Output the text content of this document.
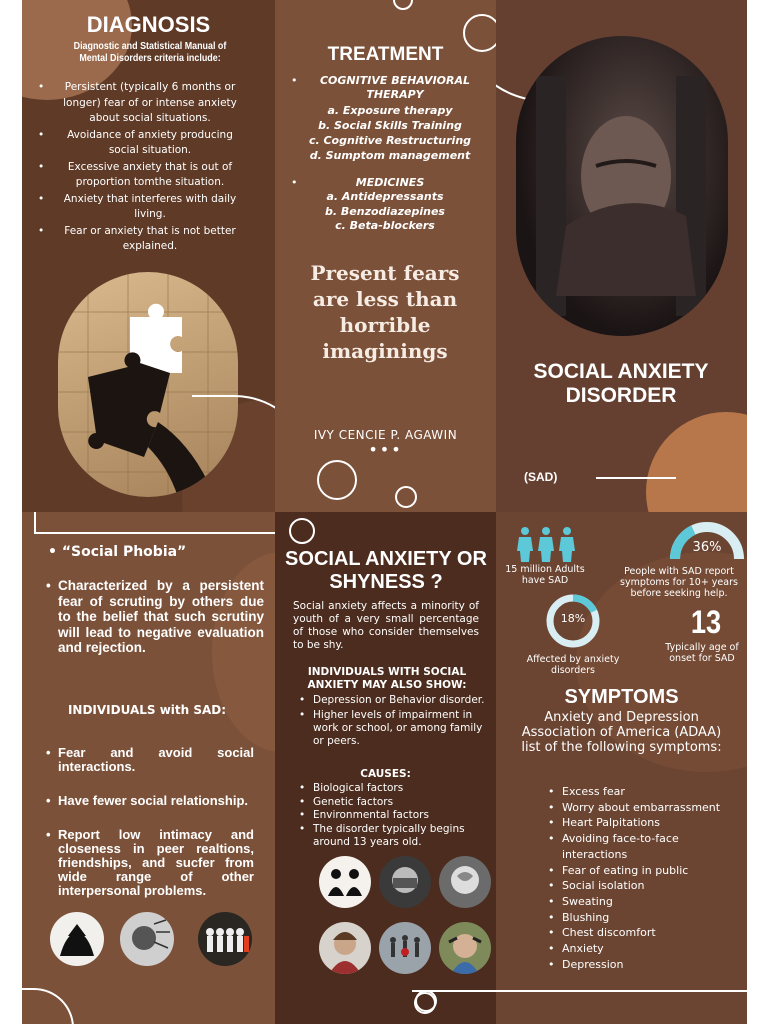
DIAGNOSIS
Diagnostic and Statistical Manual of Mental Disorders criteria include:
• Persistent (typically 6 months or longer) fear of or intense anxiety about social situations.
• Avoidance of anxiety producing social situation.
• Excessive anxiety that is out of proportion tomthe situation.
• Anxiety that interferes with daily living.
• Fear or anxiety that is not better explained.
TREATMENT
COGNITIVE BEHAVIORAL THERAPY
•
a. Exposure therapy
b. Social Skills Training
c. Cognitive Restructuring
d. Sumptom management
•	MEDICINES
a. Antidepressants
b. Benzodiazepines
c. Beta-blockers
Present fears are less than horrible imaginings
IVY CENCIE P. AGAWIN
•••
SOCIAL ANXIETY DISORDER
(SAD)
• “Social Phobia”
• Characterized by a persistent fear of scruting by others due to the belief that such scrutiny will lead to negative evaluation and rejection.
INDIVIDUALS with SAD:
• Fear and avoid social interactions.
• Have fewer social relationship.
• Report low intimacy and closeness in peer realtions, friendships, and sucfer from wide range of other interpersonal problems.
SOCIAL ANXIETY OR SHYNESS ?
Social anxiety affects a minority of youth of a very small percentage of those who consider themselves to be shy.
INDIVIDUALS WITH SOCIAL ANXIETY MAY ALSO SHOW:
• Depression or Behavior disorder.
• Higher levels of impairment in work or school, or among family or peers.
CAUSES:
• Biological factors
• Genetic factors
• Environmental factors
• The disorder typically begins around 13 years old.
15 million Adults have SAD
36%
People with SAD report symptoms for 10+ years before seeking help.
18%
Affected by anxiety disorders
13
Typically age of onset for SAD
SYMPTOMS
Anxiety and Depression Association of America (ADAA) list of the following symptoms:
• Excess fear
• Worry about embarrassment
• Heart Palpitations
• Avoiding face-to-face interactions
• Fear of eating in public
• Social isolation
• Sweating
• Blushing
• Chest discomfort
• Anxiety
• Depression
